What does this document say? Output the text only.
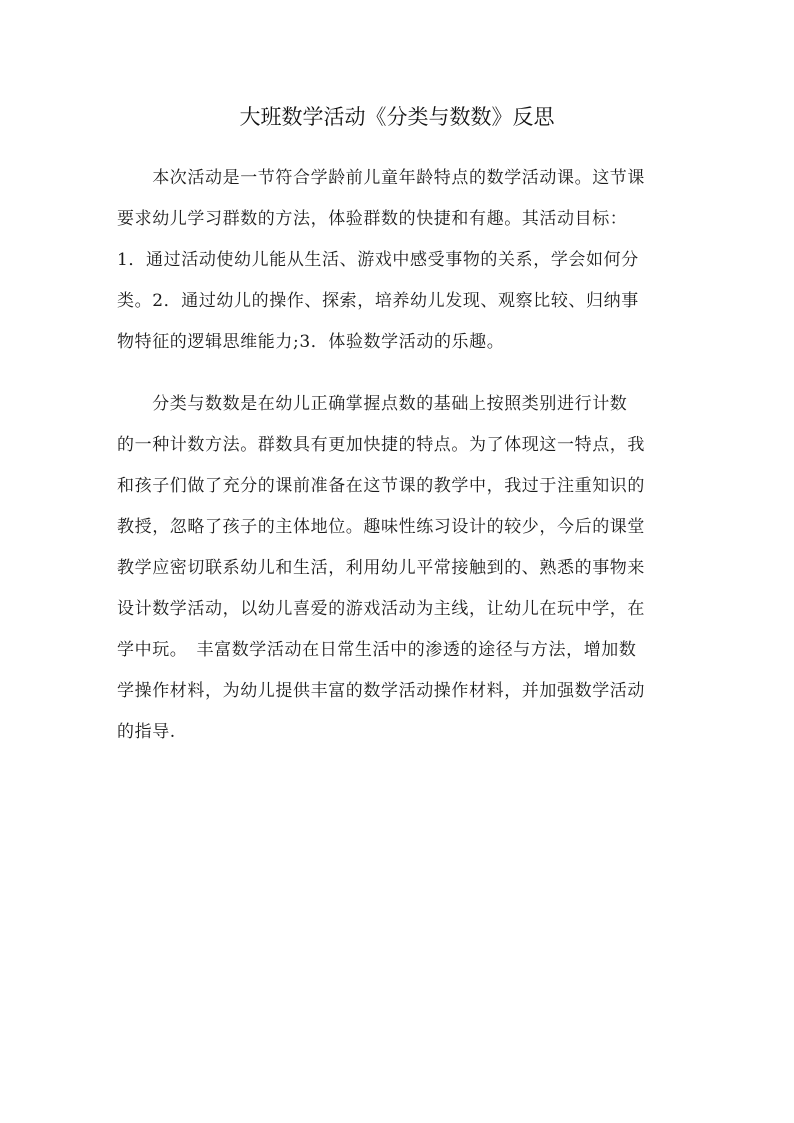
大班数学活动《分类与数数》反思
　　本次活动是一节符合学龄前儿童年龄特点的数学活动课。这节课
要求幼儿学习群数的方法，体验群数的快捷和有趣。其活动目标：
1．通过活动使幼儿能从生活、游戏中感受事物的关系，学会如何分
类。2．通过幼儿的操作、探索，培养幼儿发现、观察比较、归纳事
物特征的逻辑思维能力;3．体验数学活动的乐趣。
　　分类与数数是在幼儿正确掌握点数的基础上按照类别进行计数
的一种计数方法。群数具有更加快捷的特点。为了体现这一特点，我
和孩子们做了充分的课前准备在这节课的教学中，我过于注重知识的
教授，忽略了孩子的主体地位。趣味性练习设计的较少，今后的课堂
教学应密切联系幼儿和生活，利用幼儿平常接触到的、熟悉的事物来
设计数学活动，以幼儿喜爱的游戏活动为主线，让幼儿在玩中学，在
学中玩。　丰富数学活动在日常生活中的渗透的途径与方法，增加数
学操作材料，为幼儿提供丰富的数学活动操作材料，并加强数学活动
的指导.
